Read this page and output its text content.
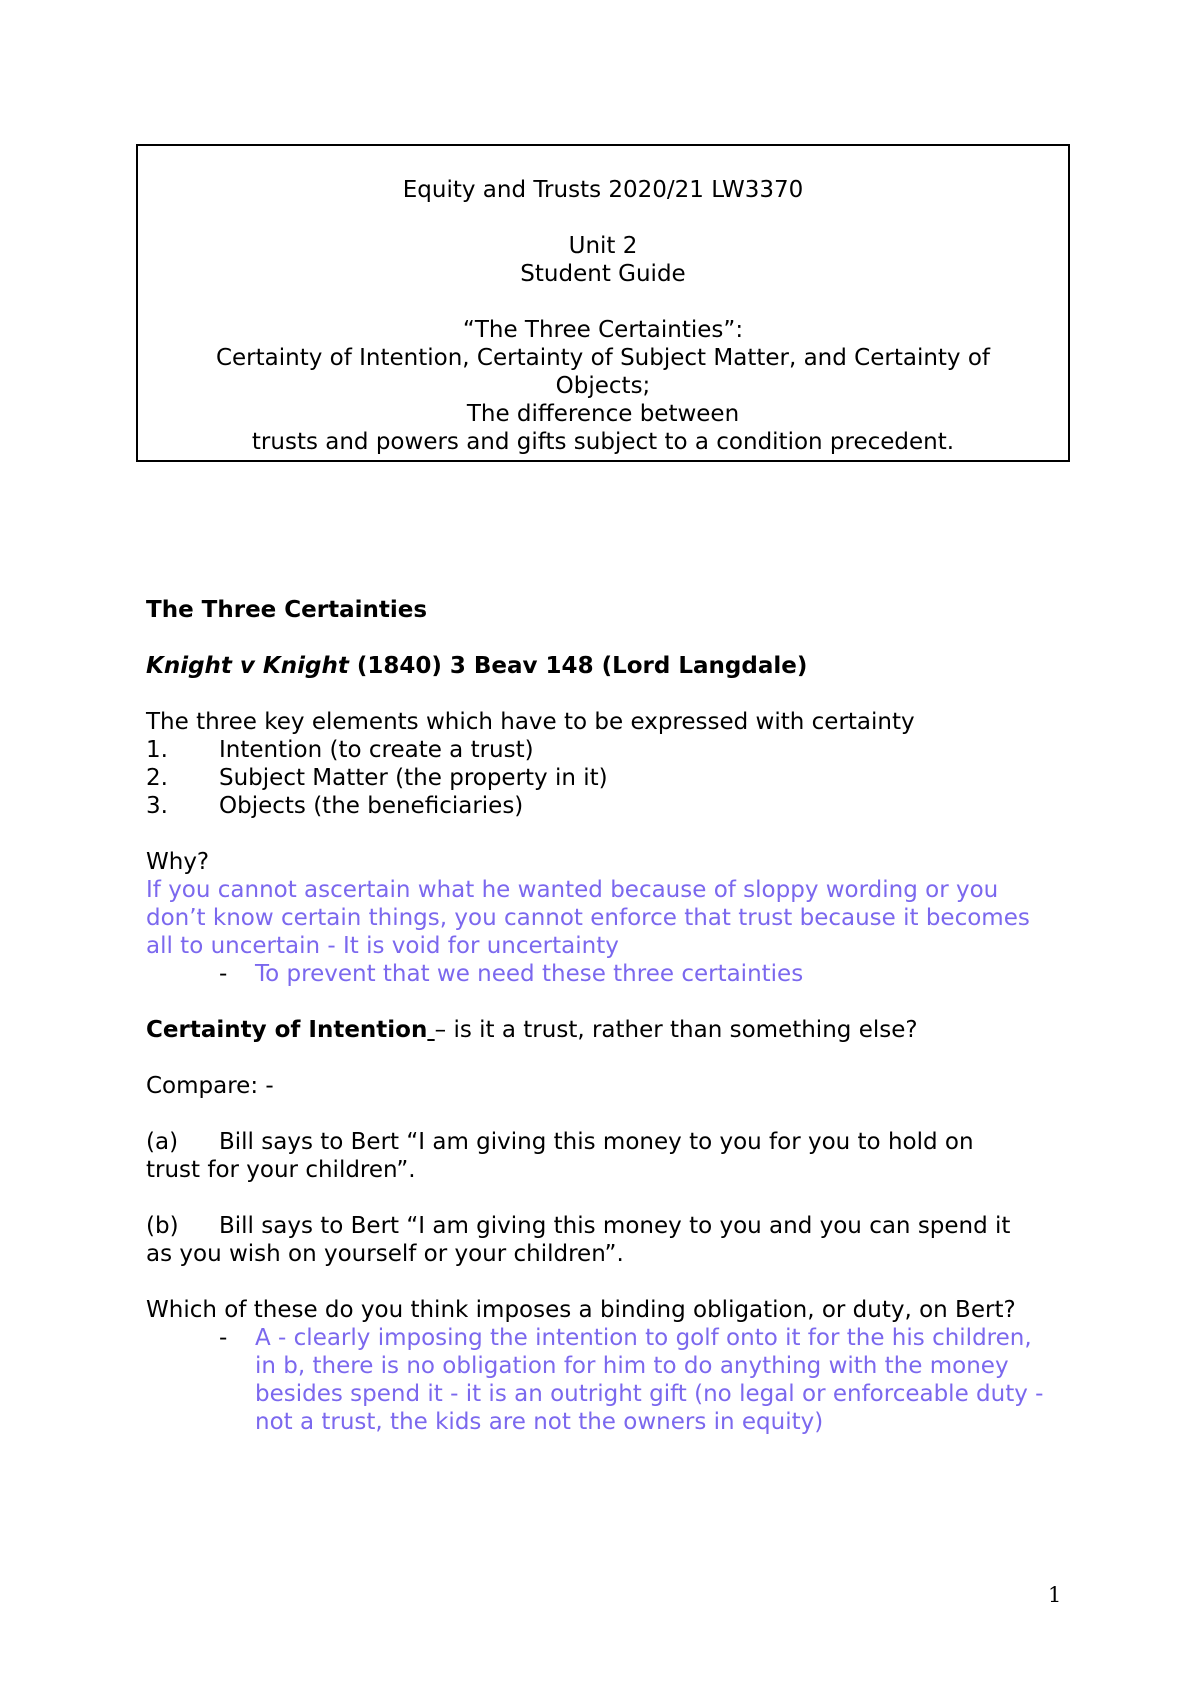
Equity and Trusts 2020/21 LW3370
Unit 2
Student Guide
“The Three Certainties”:
Certainty of Intention, Certainty of Subject Matter, and Certainty of
Objects;
The difference between
trusts and powers and gifts subject to a condition precedent.

The Three Certainties

Knight v Knight (1840) 3 Beav 148 (Lord Langdale)

The three key elements which have to be expressed with certainty

1.	Intention (to create a trust)
2.	Subject Matter (the property in it)
3.	Objects (the beneficiaries)

Why?

If you cannot ascertain what he wanted because of sloppy wording or you don’t know certain things, you cannot enforce that trust because it becomes all to uncertain - It is void for uncertainty

-	To prevent that we need these three certainties

Certainty of Intention – is it a trust, rather than something else?

Compare: -

(a) Bill says to Bert “I am giving this money to you for you to hold on
trust for your children”.

(b) Bill says to Bert “I am giving this money to you and you can spend it
as you wish on yourself or your children”.

Which of these do you think imposes a binding obligation, or duty, on Bert?

-	A - clearly imposing the intention to golf onto it for the his children, in b, there is no obligation for him to do anything with the money besides spend it - it is an outright gift (no legal or enforceable duty - not a trust, the kids are not the owners in equity)
1
